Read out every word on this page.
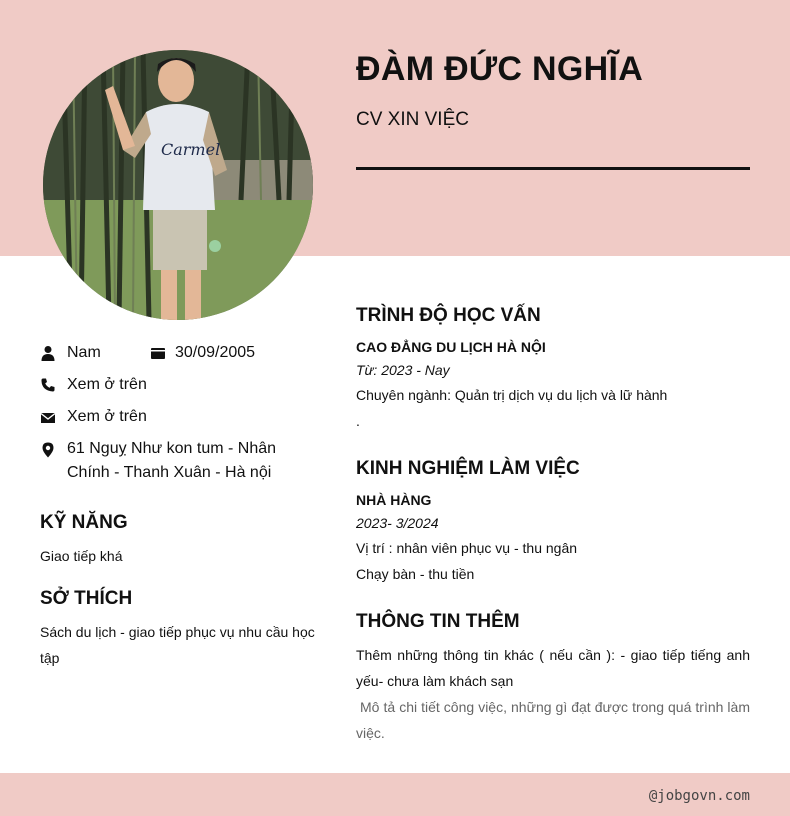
Carmel
ĐÀM ĐỨC NGHĨA
CV XIN VIỆC
Nam	30/09/2005
Xem ở trên
Xem ở trên
61 Nguỵ Như kon tum - Nhân
Chính - Thanh Xuân - Hà nội
KỸ NĂNG
Giao tiếp khá
SỞ THÍCH
Sách du lịch - giao tiếp phục vụ nhu cầu học
tập
TRÌNH ĐỘ HỌC VẤN
CAO ĐẲNG DU LỊCH HÀ NỘI
Từ: 2023 - Nay
Chuyên ngành: Quản trị dịch vụ du lịch và lữ hành
.
KINH NGHIỆM LÀM VIỆC
NHÀ HÀNG
2023- 3/2024
Vị trí : nhân viên phục vụ - thu ngân
Chạy bàn - thu tiền
THÔNG TIN THÊM
Thêm những thông tin khác ( nếu cần ): - giao tiếp tiếng anh
yếu- chưa làm khách sạn
Mô tả chi tiết công việc, những gì đạt được trong quá trình làm
việc.
@jobgovn.com
